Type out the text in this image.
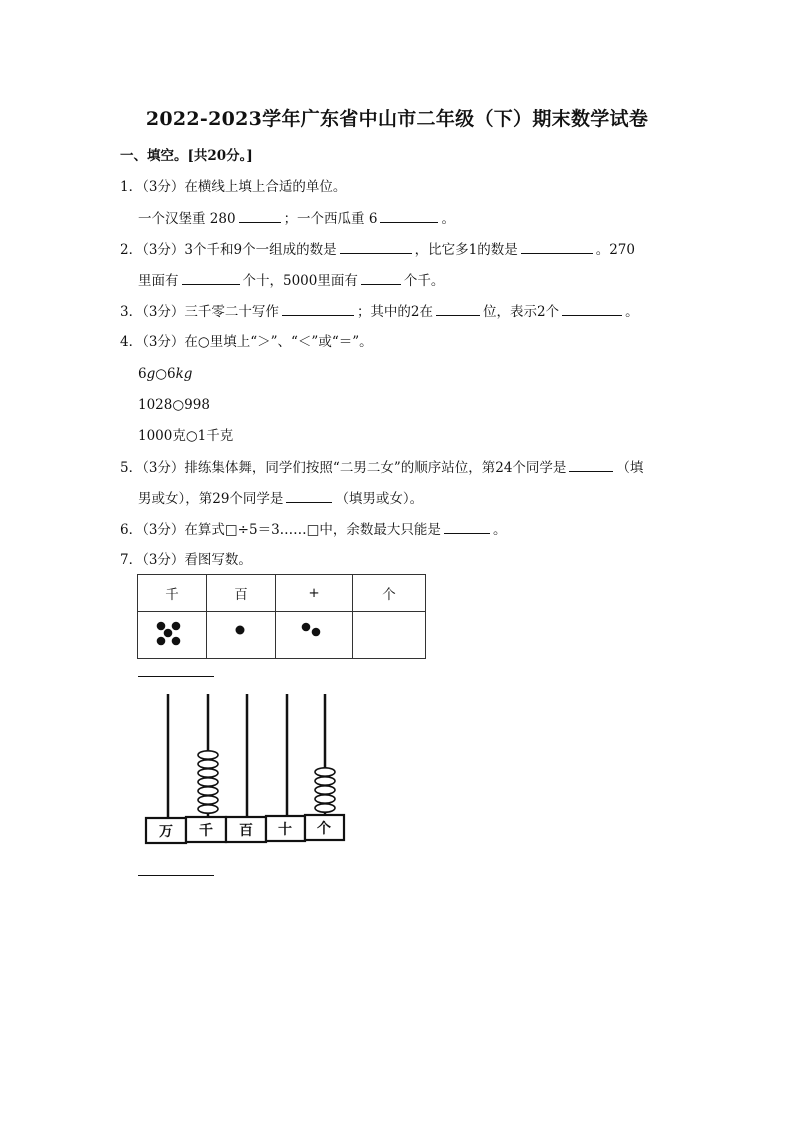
2022-2023学年广东省中山市二年级（下）期末数学试卷
一、填空。[共20分。]
1．（3分）在横线上填上合适的单位。
一个汉堡重 280	；一个西瓜重 6	。
2．（3分）3个千和9个一组成的数是	，比它多1的数是	。270
里面有	个十，5000里面有	个千。
3．（3分）三千零二十写作	；其中的2在	位，表示2个	。
4．（3分）在○里填上“＞”、“＜”或“＝”。
6g○6kg
1028○998
1000克○1千克
5．（3分）排练集体舞，同学们按照“二男二女”的顺序站位，第24个同学是	（填
男或女），第29个同学是	（填男或女）。
6．（3分）在算式□÷5＝3……□中，余数最大只能是	。
7．（3分）看图写数。
千	百	+	个

万 千 百 十 个
